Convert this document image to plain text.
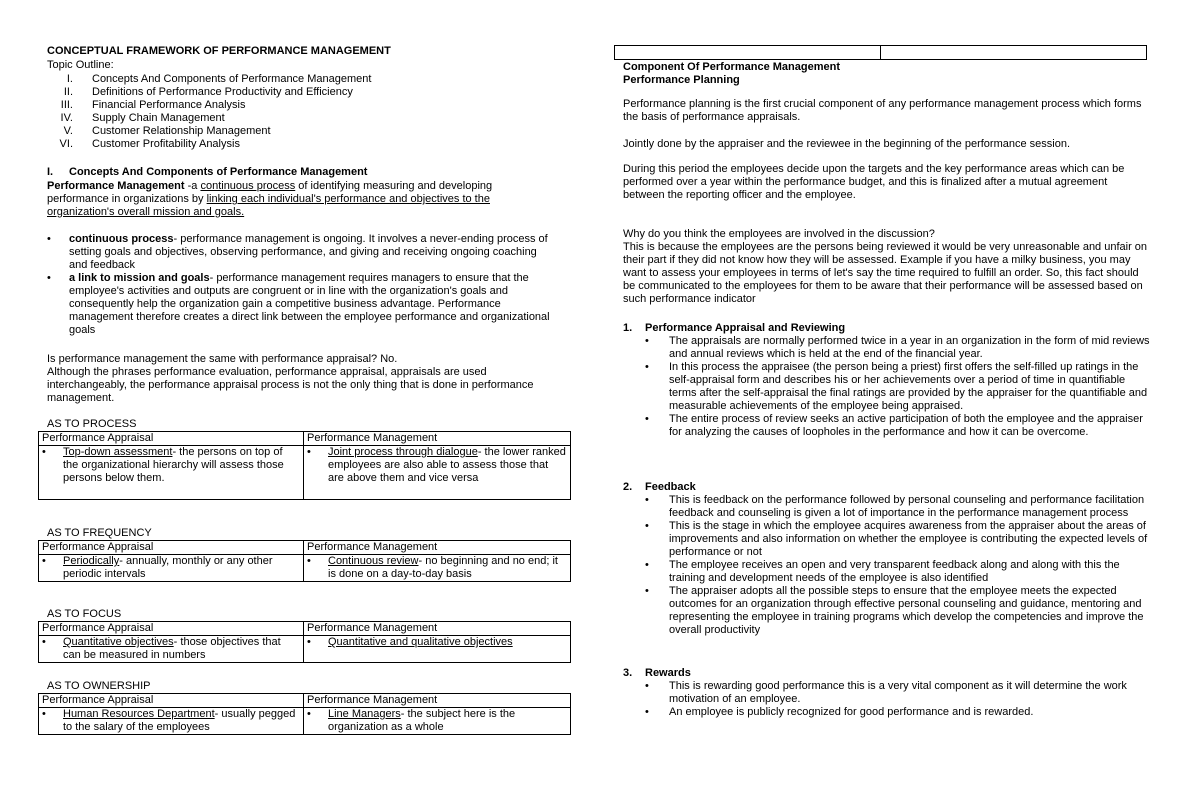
CONCEPTUAL FRAMEWORK OF PERFORMANCE MANAGEMENT
Topic Outline:
I. Concepts And Components of Performance Management
II. Definitions of Performance Productivity and Efficiency
III. Financial Performance Analysis
IV. Supply Chain Management
V. Customer Relationship Management
VI. Customer Profitability Analysis
I. Concepts And Components of Performance Management
Performance Management -a continuous process of identifying measuring and developing performance in organizations by linking each individual's performance and objectives to the organization's overall mission and goals.
• continuous process- performance management is ongoing. It involves a never-ending process of setting goals and objectives, observing performance, and giving and receiving ongoing coaching and feedback
• a link to mission and goals- performance management requires managers to ensure that the employee's activities and outputs are congruent or in line with the organization's goals and consequently help the organization gain a competitive business advantage. Performance management therefore creates a direct link between the employee performance and organizational goals
Is performance management the same with performance appraisal? No.
Although the phrases performance evaluation, performance appraisal, appraisals are used interchangeably, the performance appraisal process is not the only thing that is done in performance management.
AS TO PROCESS
Performance Appraisal	Performance Management

• Top-down assessment- the persons on top of the organizational hierarchy will assess those persons below them.	• Joint process through dialogue- the lower ranked employees are also able to assess those that are above them and vice versa
AS TO FREQUENCY
Performance Appraisal	Performance Management

• Periodically- annually, monthly or any other periodic intervals	• Continuous review- no beginning and no end; it is done on a day-to-day basis
AS TO FOCUS
Performance Appraisal	Performance Management

• Quantitative objectives- those objectives that can be measured in numbers	• Quantitative and qualitative objectives
AS TO OWNERSHIP
Performance Appraisal	Performance Management

• Human Resources Department- usually pegged to the salary of the employees	• Line Managers- the subject here is the organization as a whole
Component Of Performance Management
Performance Planning
Performance planning is the first crucial component of any performance management process which forms the basis of performance appraisals.
Jointly done by the appraiser and the reviewee in the beginning of the performance session.
During this period the employees decide upon the targets and the key performance areas which can be performed over a year within the performance budget, and this is finalized after a mutual agreement between the reporting officer and the employee.
Why do you think the employees are involved in the discussion?
This is because the employees are the persons being reviewed it would be very unreasonable and unfair on their part if they did not know how they will be assessed. Example if you have a milky business, you may want to assess your employees in terms of let's say the time required to fulfill an order. So, this fact should be communicated to the employees for them to be aware that their performance will be assessed based on such performance indicator
1.	Performance Appraisal and Reviewing
• The appraisals are normally performed twice in a year in an organization in the form of mid reviews and annual reviews which is held at the end of the financial year.
• In this process the appraisee (the person being a priest) first offers the self-filled up ratings in the self-appraisal form and describes his or her achievements over a period of time in quantifiable terms after the self-appraisal the final ratings are provided by the appraiser for the quantifiable and measurable achievements of the employee being appraised.
• The entire process of review seeks an active participation of both the employee and the appraiser for analyzing the causes of loopholes in the performance and how it can be overcome.
2.	Feedback
• This is feedback on the performance followed by personal counseling and performance facilitation feedback and counseling is given a lot of importance in the performance management process
• This is the stage in which the employee acquires awareness from the appraiser about the areas of improvements and also information on whether the employee is contributing the expected levels of performance or not
• The employee receives an open and very transparent feedback along and along with this the training and development needs of the employee is also identified
• The appraiser adopts all the possible steps to ensure that the employee meets the expected outcomes for an organization through effective personal counseling and guidance, mentoring and representing the employee in training programs which develop the competencies and improve the overall productivity
3.	Rewards
• This is rewarding good performance this is a very vital component as it will determine the work motivation of an employee.
• An employee is publicly recognized for good performance and is rewarded.
